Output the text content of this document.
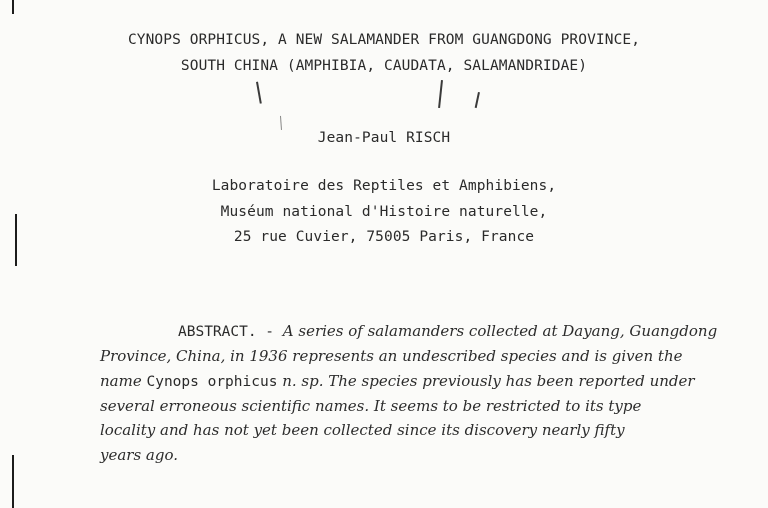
CYNOPS ORPHICUS, A NEW SALAMANDER FROM GUANGDONG PROVINCE,
SOUTH CHINA (AMPHIBIA, CAUDATA, SALAMANDRIDAE)
Jean-Paul RISCH
Laboratoire des Reptiles et Amphibiens,
Muséum national d'Histoire naturelle,
25 rue Cuvier, 75005 Paris, France
ABSTRACT. - A series of salamanders collected at Dayang, Guangdong
Province, China, in 1936 represents an undescribed species and is given the
name Cynops orphicus n. sp. The species previously has been reported under
several erroneous scientific names. It seems to be restricted to its type
locality and has not yet been collected since its discovery nearly fifty
years ago.
